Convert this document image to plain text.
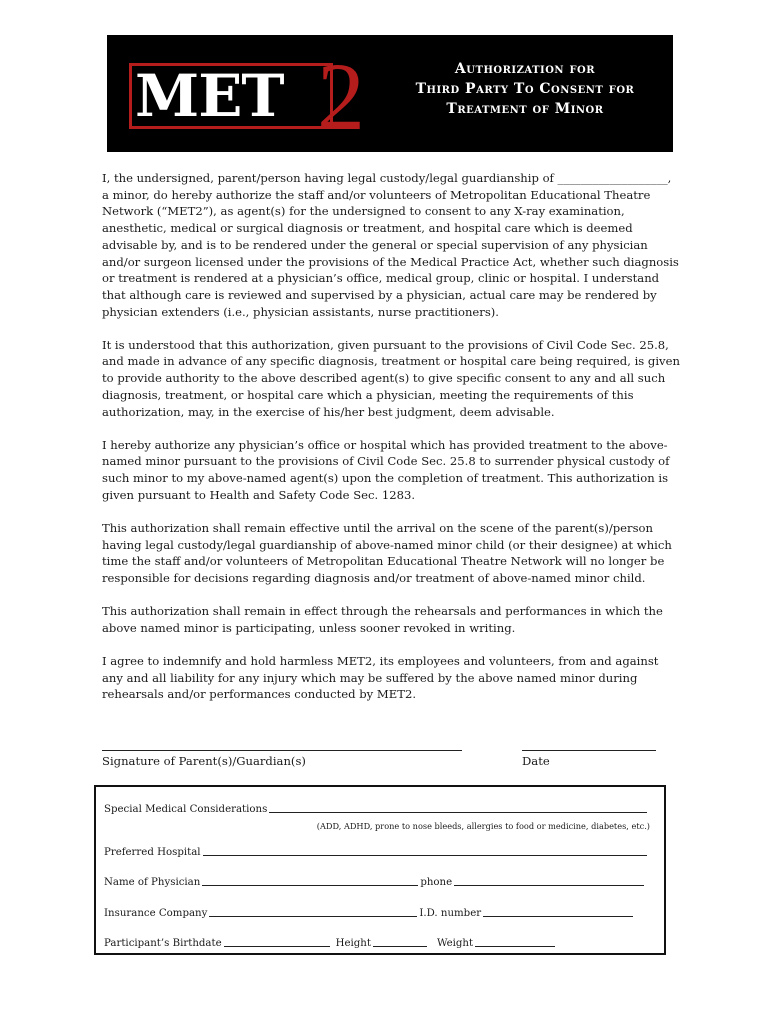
MET 2	Authorization for
Third Party To Consent for
Treatment of Minor

I, the undersigned, parent/person having legal custody/legal guardianship of ___________________, a minor, do hereby authorize the staff and/or volunteers of Metropolitan Educational Theatre Network (“MET2”), as agent(s) for the undersigned to consent to any X-ray examination, anesthetic, medical or surgical diagnosis or treatment, and hospital care which is deemed advisable by, and is to be rendered under the general or special supervision of any physician and/or surgeon licensed under the provisions of the Medical Practice Act, whether such diagnosis or treatment is rendered at a physician’s office, medical group, clinic or hospital. I understand that although care is reviewed and supervised by a physician, actual care may be rendered by physician extenders (i.e., physician assistants, nurse practitioners).

It is understood that this authorization, given pursuant to the provisions of Civil Code Sec. 25.8, and made in advance of any specific diagnosis, treatment or hospital care being required, is given to provide authority to the above described agent(s) to give specific consent to any and all such diagnosis, treatment, or hospital care which a physician, meeting the requirements of this authorization, may, in the exercise of his/her best judgment, deem advisable.

I hereby authorize any physician’s office or hospital which has provided treatment to the above-named minor pursuant to the provisions of Civil Code Sec. 25.8 to surrender physical custody of such minor to my above-named agent(s) upon the completion of treatment. This authorization is given pursuant to Health and Safety Code Sec. 1283.

This authorization shall remain effective until the arrival on the scene of the parent(s)/person having legal custody/legal guardianship of above-named minor child (or their designee) at which time the staff and/or volunteers of Metropolitan Educational Theatre Network will no longer be responsible for decisions regarding diagnosis and/or treatment of above-named minor child.

This authorization shall remain in effect through the rehearsals and performances in which the above named minor is participating, unless sooner revoked in writing.

I agree to indemnify and hold harmless MET2, its employees and volunteers, from and against any and all liability for any injury which may be suffered by the above named minor during rehearsals and/or performances conducted by MET2.

Signature of Parent(s)/Guardian(s)	Date
Special Medical Considerations
(ADD, ADHD, prone to nose bleeds, allergies to food or medicine, diabetes, etc.)
Preferred Hospital
Name of Physician	phone
Insurance Company	I.D. number
Participant’s Birthdate	Height	Weight
